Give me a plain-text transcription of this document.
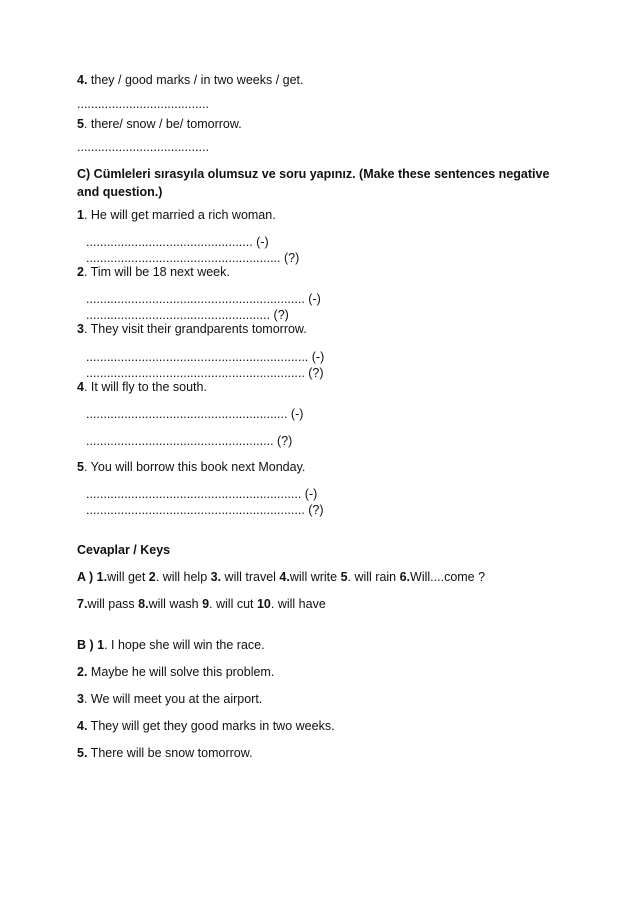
4. they / good marks / in two weeks / get.
......................................
5. there/ snow / be/ tomorrow.
......................................
C) Cümleleri sırasyıla olumsuz ve soru yapınız. (Make these sentences negative and question.)
1. He will get married a rich woman.
................................................ (-)
........................................................ (?)
2. Tim will be 18 next week.
............................................................... (-)
..................................................... (?)
3. They visit their grandparents tomorrow.
................................................................ (-)
............................................................... (?)
4. It will fly to the south.
.......................................................... (-)
...................................................... (?)
5. You will borrow this book next Monday.
.............................................................. (-)
............................................................... (?)
Cevaplar / Keys
A ) 1.will get 2. will help 3. will travel 4.will write 5. will rain 6.Will....come ?
7.will pass 8.will wash 9. will cut 10. will have
B ) 1. I hope she will win the race.
2. Maybe he will solve this problem.
3. We will meet you at the airport.
4. They will get they good marks in two weeks.
5. There will be snow tomorrow.
